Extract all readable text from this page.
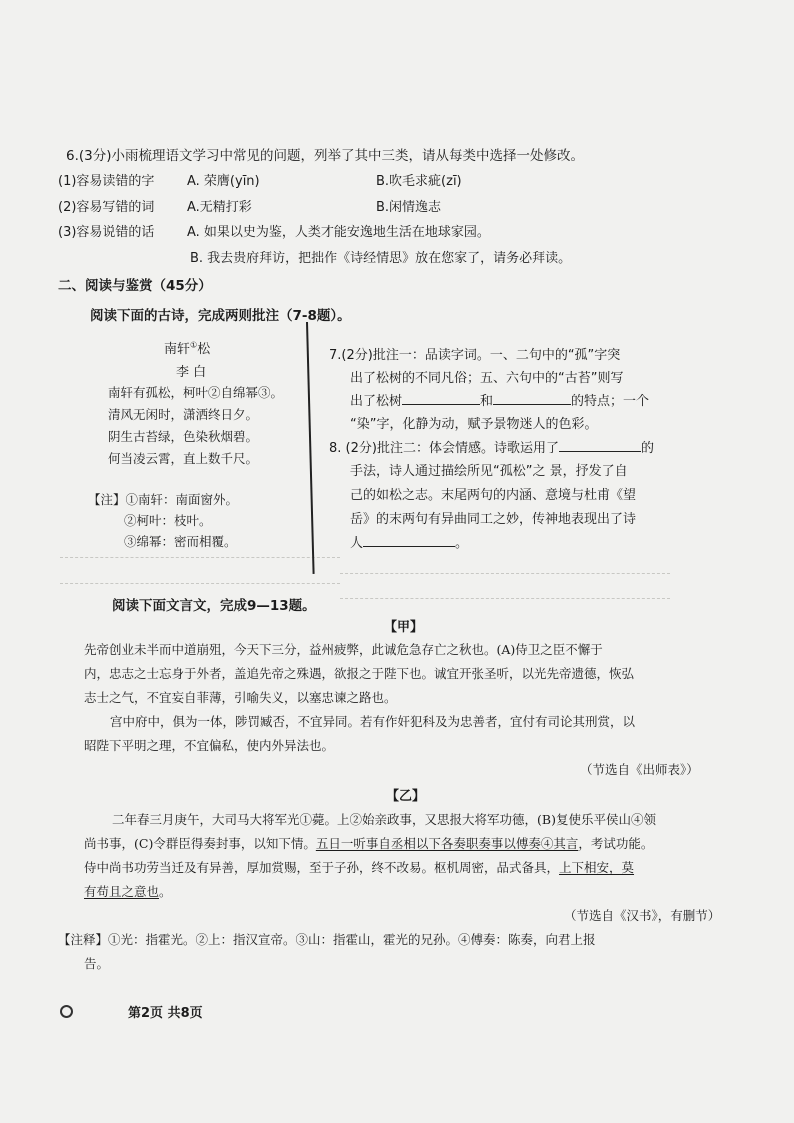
6.(3分)小雨梳理语文学习中常见的问题，列举了其中三类，请从每类中选择一处修改。
(1)容易读错的字	A. 荣膺(yīn)	B.吹毛求疵(zī)
(2)容易写错的词	A.无精打彩	B.闲情逸志
(3)容易说错的话	A. 如果以史为鉴，人类才能安逸地生活在地球家园。
B. 我去贵府拜访，把拙作《诗经情思》放在您家了，请务必拜读。
二、阅读与鉴赏（45分）
阅读下面的古诗，完成两则批注（7-8题）。
南轩①松
李 白
南轩有孤松，柯叶②自绵幂③。
清风无闲时，潇洒终日夕。
阴生古苔绿，色染秋烟碧。
何当凌云霄，直上数千尺。
【注】①南轩：南面窗外。
②柯叶：枝叶。
③绵幂：密而相覆。
7.(2分)批注一：品读字词。一、二句中的“孤”字突
出了松树的不同凡俗；五、六句中的“古苔”则写
出了松树	和	的特点；一个
“染”字，化静为动，赋予景物迷人的色彩。
8. (2分)批注二：体会情感。诗歌运用了	的
手法，诗人通过描绘所见“孤松”之 景，抒发了自
己的如松之志。末尾两句的内涵、意境与杜甫《望
岳》的末两句有异曲同工之妙，传神地表现出了诗
人	。
阅读下面文言文，完成9—13题。
【甲】
先帝创业未半而中道崩殂，今天下三分，益州疲弊，此诚危急存亡之秋也。(A)侍卫之臣不懈于
内，忠志之士忘身于外者，盖追先帝之殊遇，欲报之于陛下也。诚宜开张圣听，以光先帝遗德，恢弘
志士之气，不宜妄自菲薄，引喻失义，以塞忠谏之路也。
宫中府中，俱为一体，陟罚臧否，不宜异同。若有作奸犯科及为忠善者，宜付有司论其刑赏，以
昭陛下平明之理，不宜偏私，使内外异法也。
（节选自《出师表》）
【乙】
二年春三月庚午，大司马大将军光①薨。上②始亲政事，又思报大将军功德，(B)复使乐平侯山④领
尚书事，(C)令群臣得奏封事，以知下情。五日一听事自丞相以下各奏职奏事以傅奏④其言，考试功能。
侍中尚书功劳当迁及有异善，厚加赏赐，至于子孙，终不改易。枢机周密，品式备具，上下相安，莫
有苟且之意也。
（节选自《汉书》，有删节）
【注释】①光：指霍光。②上：指汉宣帝。③山：指霍山，霍光的兄孙。④傅奏：陈奏，向君上报
告。
第2页 共8页
